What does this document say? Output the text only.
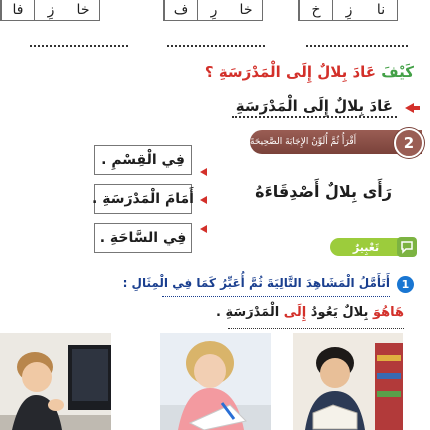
فا	زِ	خا	ف	رِ	خا	خ	زِ	نا
كَيْفَ عَادَ بِلالٌ إِلَى الْمَدْرَسَةِ ؟
عَادَ بِلالٌ إِلَى الْمَدْرَسَةِ
أَقْرَأُ ثُمَّ أُلَوِّنُ الإِجَابَةَ الصَّحِيحَةَ	2
فِي الْقِسْمِ .
أَمَامَ الْمَدْرَسَةِ .
فِي السَّاحَةِ .
رَأَى بِلالٌ أَصْدِقَاءَهُ
تَعْبِيرٌ
1
أَتَأَمَّلُ الْمَشَاهِدَ التَّالِيَةَ ثُمَّ أُعَبِّرُ كَمَا فِي الْمِثَالِ :
هَاهُوَ بِلالٌ يَعُودُ إِلَى الْمَدْرَسَةِ .
